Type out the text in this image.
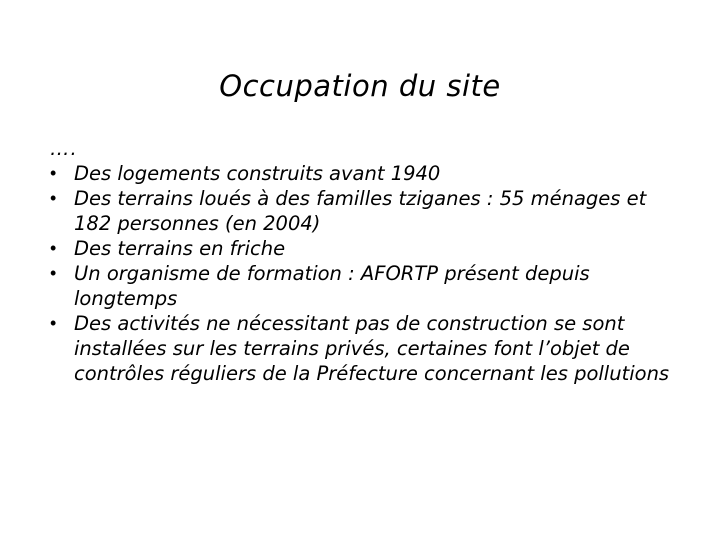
Occupation du site
….
• Des logements construits avant 1940
• Des terrains loués à des familles tziganes : 55 ménages et 182 personnes (en 2004)
• Des terrains en friche
• Un organisme de formation : AFORTP présent depuis longtemps
• Des activités ne nécessitant pas de construction se sont installées sur les terrains privés, certaines font l’objet de contrôles réguliers de la Préfecture concernant les pollutions
